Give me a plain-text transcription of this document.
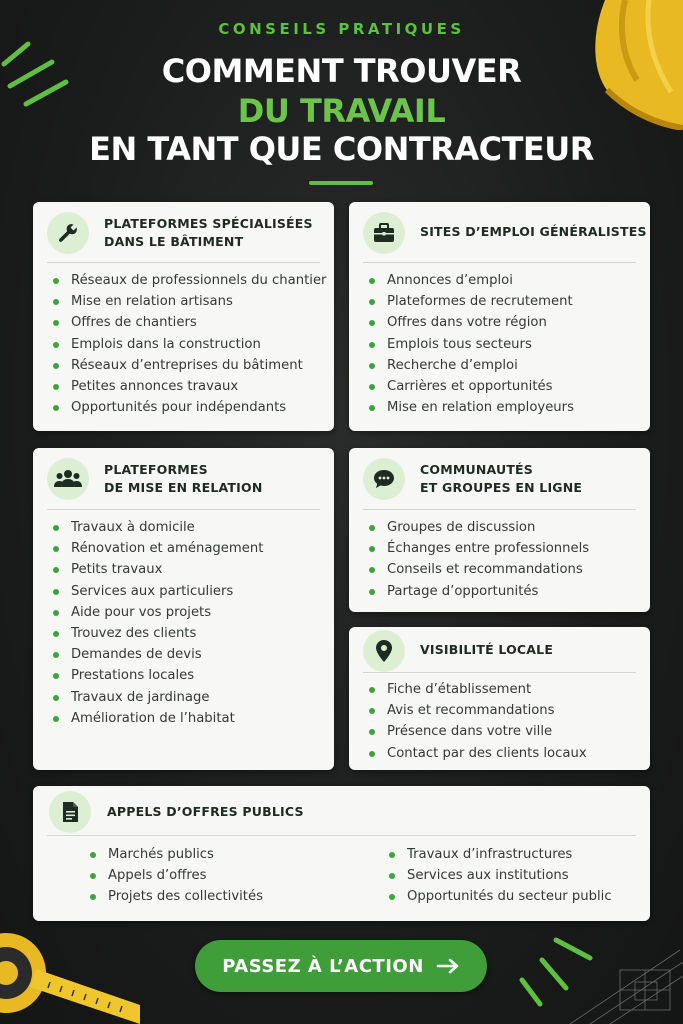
CONSEILS PRATIQUES
COMMENT TROUVER
DU TRAVAIL
EN TANT QUE CONTRACTEUR
PLATEFORMES SPÉCIALISÉES
DANS LE BÂTIMENT
Réseaux de professionnels du chantier
Mise en relation artisans
Offres de chantiers
Emplois dans la construction
Réseaux d’entreprises du bâtiment
Petites annonces travaux
Opportunités pour indépendants
SITES D’EMPLOI GÉNÉRALISTES
Annonces d’emploi
Plateformes de recrutement
Offres dans votre région
Emplois tous secteurs
Recherche d’emploi
Carrières et opportunités
Mise en relation employeurs
PLATEFORMES
DE MISE EN RELATION
Travaux à domicile
Rénovation et aménagement
Petits travaux
Services aux particuliers
Aide pour vos projets
Trouvez des clients
Demandes de devis
Prestations locales
Travaux de jardinage
Amélioration de l’habitat
COMMUNAUTÉS
ET GROUPES EN LIGNE
Groupes de discussion
Échanges entre professionnels
Conseils et recommandations
Partage d’opportunités
VISIBILITÉ LOCALE
Fiche d’établissement
Avis et recommandations
Présence dans votre ville
Contact par des clients locaux
APPELS D’OFFRES PUBLICS
Marchés publics
Appels d’offres
Projets des collectivités
Travaux d’infrastructures
Services aux institutions
Opportunités du secteur public
PASSEZ À L’ACTION
